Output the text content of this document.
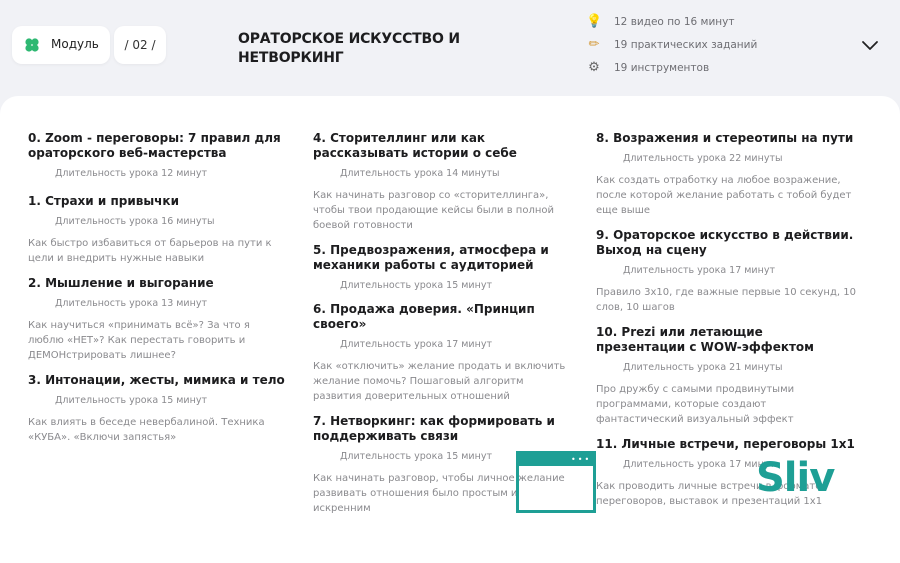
Модуль	/ 02 /	ОРАТОРСКОЕ ИСКУССТВО И НЕТВОРКИНГ
💡 12 видео по 16 минут
✏ 19 практических заданий
⚙ 19 инструментов
0. Zoom - переговоры: 7 правил для ораторского веб-мастерства
Длительность урока 12 минут
1. Страхи и привычки
Длительность урока 16 минуты
Как быстро избавиться от барьеров на пути к цели и внедрить нужные навыки
2. Мышление и выгорание
Длительность урока 13 минут
Как научиться «принимать всё»? За что я люблю «НЕТ»? Как перестать говорить и ДЕМОНстрировать лишнее?
3. Интонации, жесты, мимика и тело
Длительность урока 15 минут
Как влиять в беседе невербалиной. Техника «КУБА». «Включи запястья»
4. Сторителлинг или как рассказывать истории о себе
Длительность урока 14 минуты
Как начинать разговор со «сторителлинга», чтобы твои продающие кейсы были в полной боевой готовности
5. Предвозражения, атмосфера и механики работы с аудиторией
Длительность урока 15 минут
6. Продажа доверия. «Принцип своего»
Длительность урока 17 минут
Как «отключить» желание продать и включить желание помочь? Пошаговый алгоритм развития доверительных отношений
7. Нетворкинг: как формировать и поддерживать связи
Длительность урока 15 минут
Как начинать разговор, чтобы личное желание развивать отношения было простым и искренним
8. Возражения и стереотипы на пути
Длительность урока 22 минуты
Как создать отработку на любое возражение, после которой желание работать с тобой будет еще выше
9. Ораторское искусство в действии. Выход на сцену
Длительность урока 17 минут
Правило 3х10, где важные первые 10 секунд, 10 слов, 10 шагов
10. Prezi или летающие презентации с WOW-эффектом
Длительность урока 21 минуты
Про дружбу с самыми продвинутыми программами, которые создают фантастический визуальный эффект
11. Личные встречи, переговоры 1х1
Длительность урока 17 минут
Как проводить личные встречи в формате переговоров, выставок и презентаций 1х1
•••	Sliv
